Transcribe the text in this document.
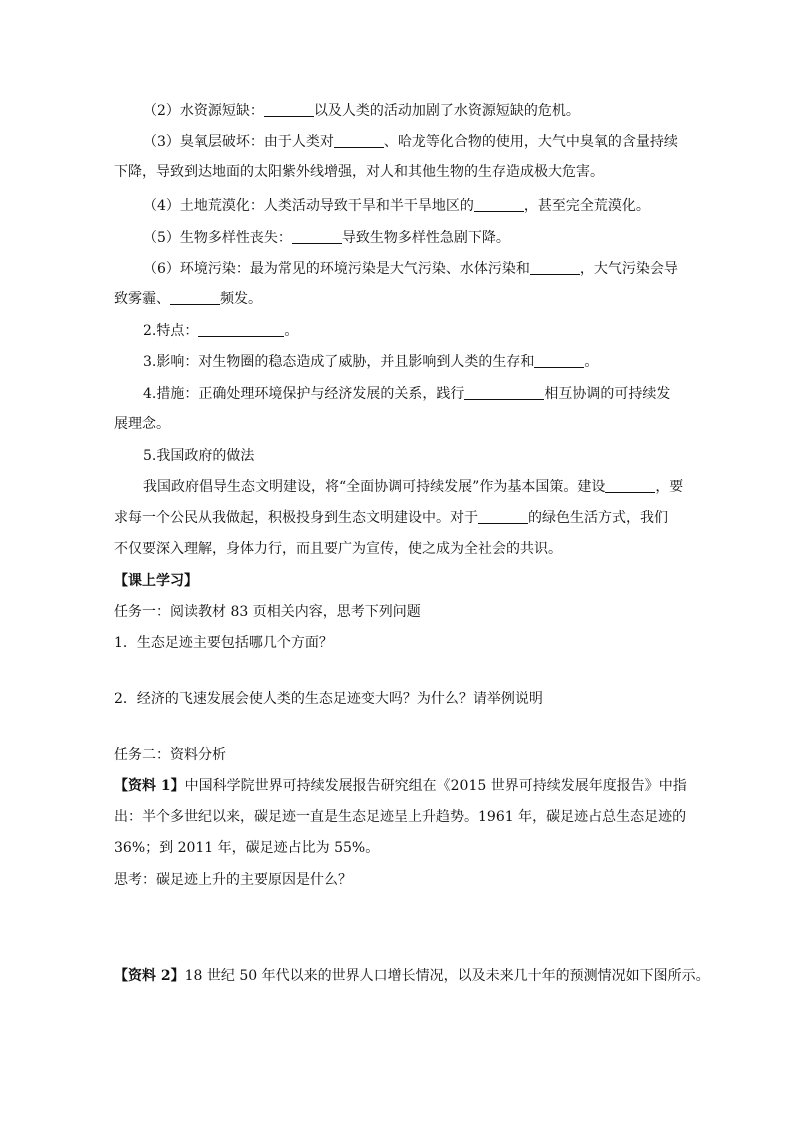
（2）水资源短缺：	以及人类的活动加剧了水资源短缺的危机。
（3）臭氧层破坏：由于人类对	、哈龙等化合物的使用，大气中臭氧的含量持续
下降，导致到达地面的太阳紫外线增强，对人和其他生物的生存造成极大危害。
（4）土地荒漠化：人类活动导致干旱和半干旱地区的	，甚至完全荒漠化。
（5）生物多样性丧失：	导致生物多样性急剧下降。
（6）环境污染：最为常见的环境污染是大气污染、水体污染和	，大气污染会导
致雾霾、	频发。
2.特点：	。
3.影响：对生物圈的稳态造成了威胁，并且影响到人类的生存和	。
4.措施：正确处理环境保护与经济发展的关系，践行	相互协调的可持续发
展理念。
5.我国政府的做法
我国政府倡导生态文明建设，将“全面协调可持续发展”作为基本国策。建设	，要
求每一个公民从我做起，积极投身到生态文明建设中。对于	的绿色生活方式，我们
不仅要深入理解，身体力行，而且要广为宣传，使之成为全社会的共识。
【课上学习】
任务一：阅读教材 83 页相关内容，思考下列问题
1．生态足迹主要包括哪几个方面？
2．经济的飞速发展会使人类的生态足迹变大吗？为什么？请举例说明
任务二：资料分析
【资料 1】中国科学院世界可持续发展报告研究组在《2015 世界可持续发展年度报告》中指
出：半个多世纪以来，碳足迹一直是生态足迹呈上升趋势。1961 年，碳足迹占总生态足迹的
36%；到 2011 年，碳足迹占比为 55%。
思考：碳足迹上升的主要原因是什么？
【资料 2】18 世纪 50 年代以来的世界人口增长情况，以及未来几十年的预测情况如下图所示。
